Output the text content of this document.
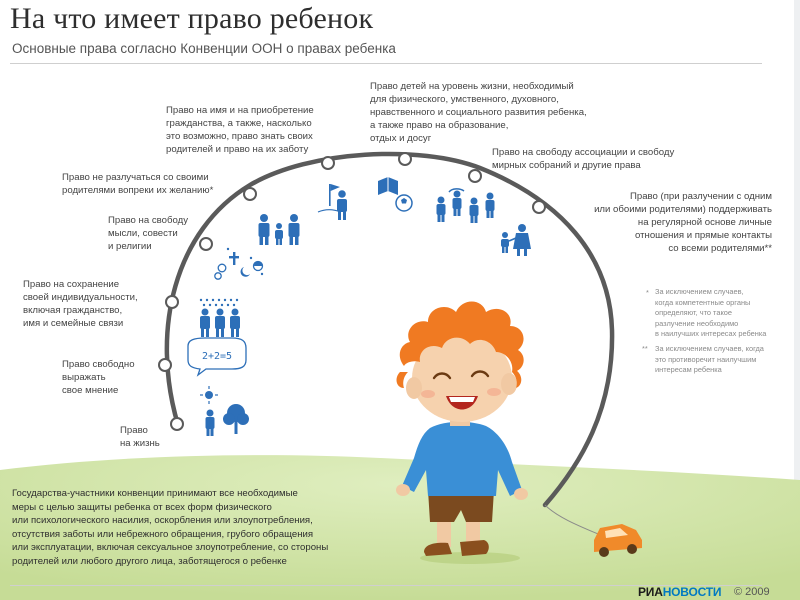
2+2=5
На что имеет право ребенок

Основные права согласно Конвенции ООН о правах ребенка

Право
на жизнь
Право свободно
выражать
свое мнение
Право на сохранение
своей индивидуальности,
включая гражданство,
имя и семейные связи
Право на свободу
мысли, совести
и религии
Право не разлучаться со своими
родителями вопреки их желанию*
Право на имя и на приобретение
гражданства, а также, насколько
это возможно, право знать своих
родителей и право на их заботу
Право детей на уровень жизни, необходимый
для физического, умственного, духовного,
нравственного и социального развития ребенка,
а также право на образование,
отдых и досуг
Право на свободу ассоциации и свободу
мирных собраний и другие права
Право (при разлучении с одним
или обоими родителями) поддерживать
на регулярной основе личные
отношения и прямые контакты
со всеми родителями**
* За исключением случаев,
когда компетентные органы
определяют, что такое
разлучение необходимо
в наилучших интересах ребенка
** За исключением случаев, когда
это противоречит наилучшим
интересам ребенка
Государства-участники конвенции принимают все необходимые
меры с целью защиты ребенка от всех форм физического
или психологического насилия, оскорбления или злоупотребления,
отсутствия заботы или небрежного обращения, грубого обращения
или эксплуатации, включая сексуальное злоупотребление, со стороны
родителей или любого другого лица, заботящегося о ребенке
РИАНОВОСТИ © 2009
